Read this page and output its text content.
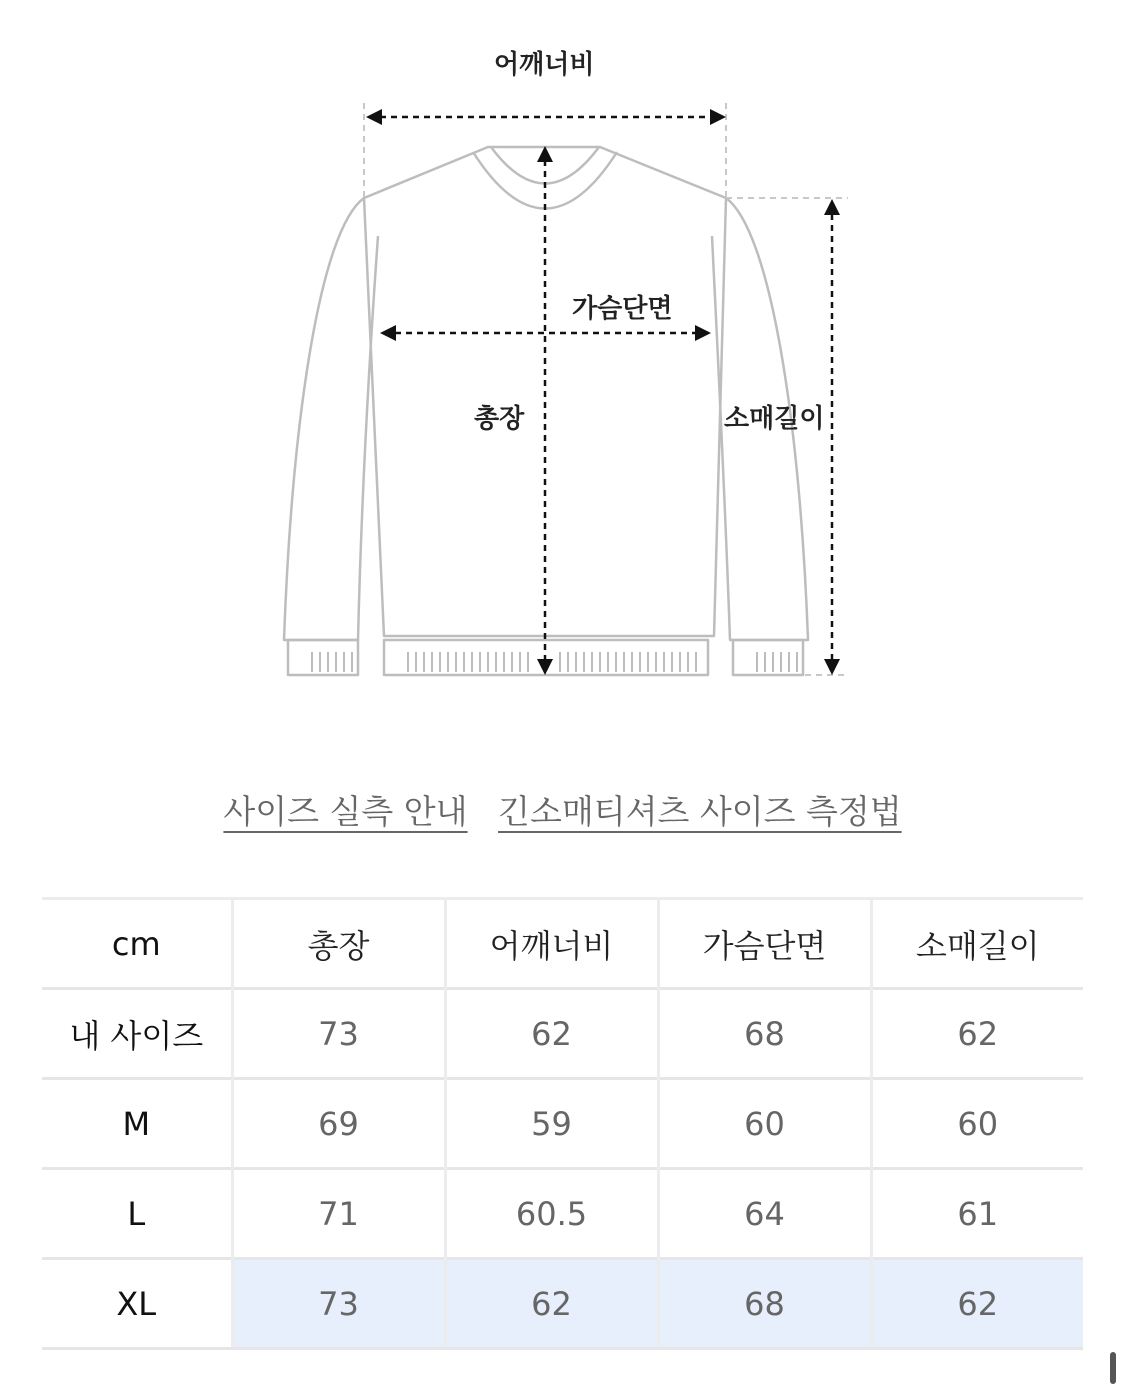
어깨너비
가슴단면
총장	소매길이
사이즈 실측 안내 긴소매티셔츠 사이즈 측정법
cm	총장	어깨너비	가슴단면	소매길이
내 사이즈	73	62	68	62
M	69	59	60	60
L	71	60.5	64	61
XL	73	62	68	62
